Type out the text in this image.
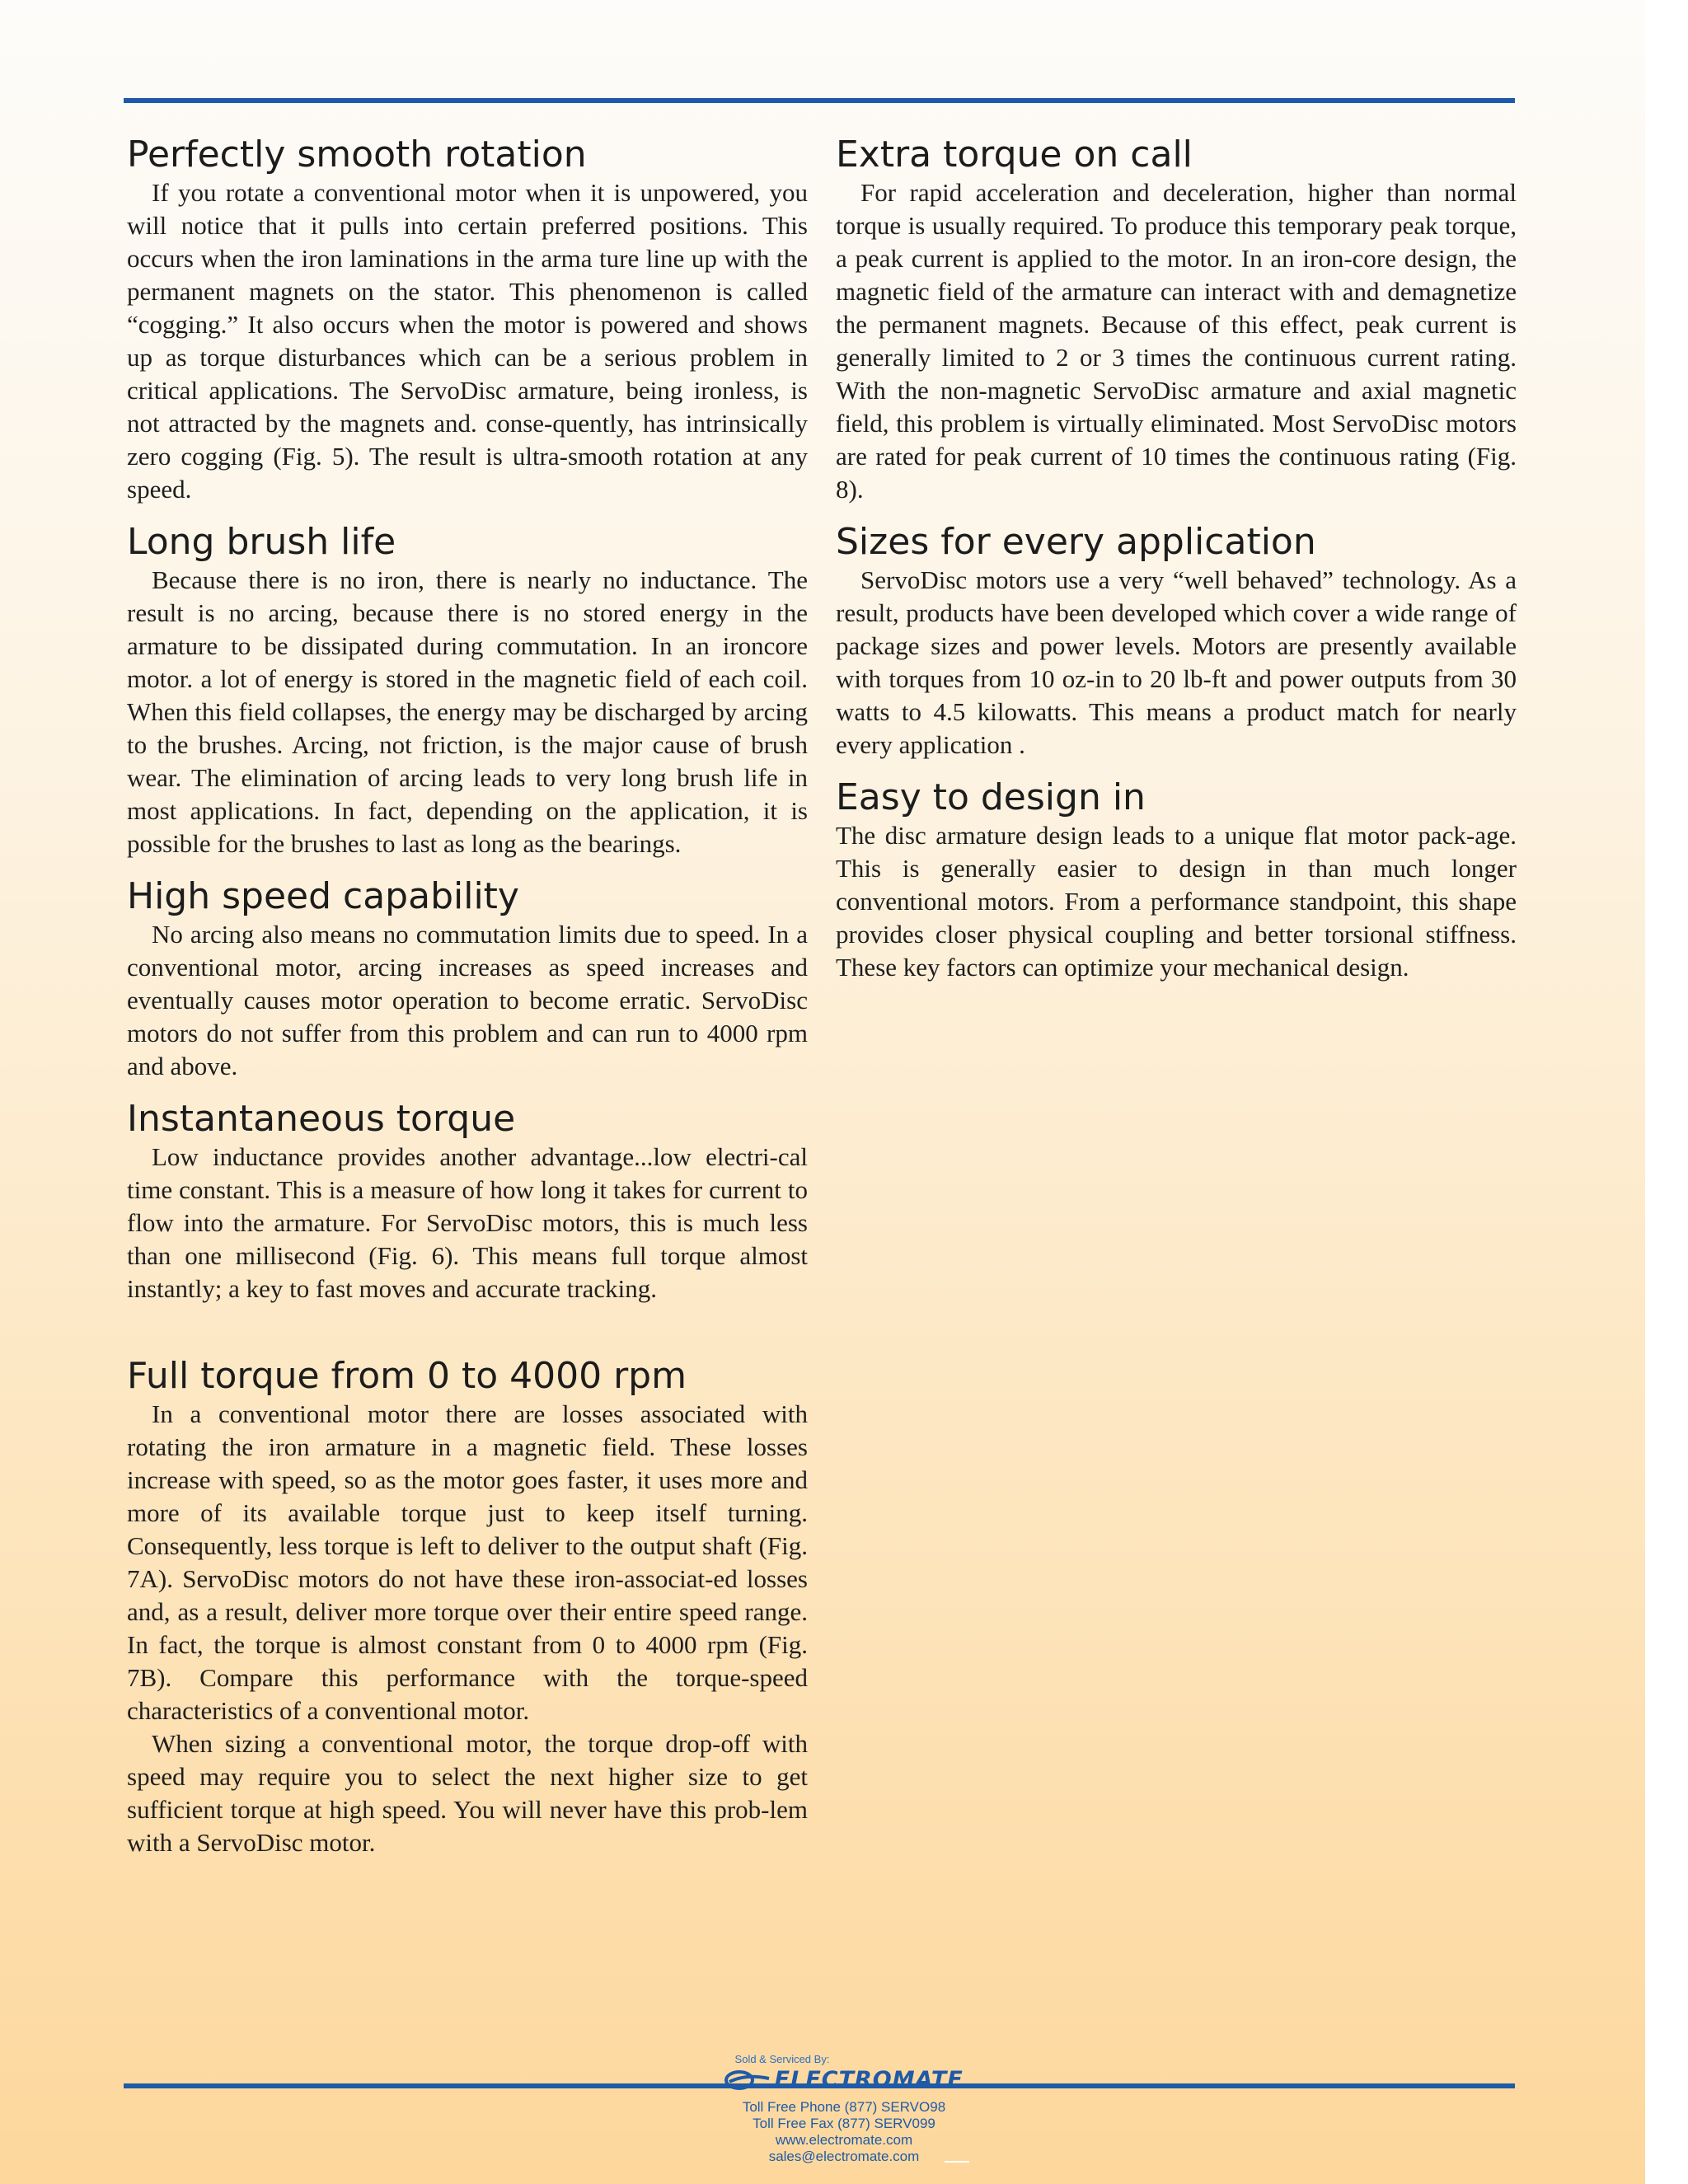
Perfectly smooth rotation

If you rotate a conventional motor when it is unpowered, you will notice that it pulls into certain preferred positions. This occurs when the iron laminations in the arma ture line up with the permanent magnets on the stator. This phenomenon is called “cogging.” It also occurs when the motor is powered and shows up as torque disturbances which can be a serious problem in critical applications. The ServoDisc armature, being ironless, is not attracted by the magnets and. conse-quently, has intrinsically zero cogging (Fig. 5). The result is ultra-smooth rotation at any speed.

Long brush life

Because there is no iron, there is nearly no inductance. The result is no arcing, because there is no stored energy in the armature to be dissipated during commutation. In an ironcore motor. a lot of energy is stored in the magnetic field of each coil. When this field collapses, the energy may be discharged by arcing to the brushes. Arcing, not friction, is the major cause of brush wear. The elimination of arcing leads to very long brush life in most applications. In fact, depending on the application, it is possible for the brushes to last as long as the bearings.

High speed capability

No arcing also means no commutation limits due to speed. In a conventional motor, arcing increases as speed increases and eventually causes motor operation to become erratic. ServoDisc motors do not suffer from this problem and can run to 4000 rpm and above.

Instantaneous torque

Low inductance provides another advantage...low electri-cal time constant. This is a measure of how long it takes for current to flow into the armature. For ServoDisc motors, this is much less than one millisecond (Fig. 6). This means full torque almost instantly; a key to fast moves and accurate tracking.

Full torque from 0 to 4000 rpm

In a conventional motor there are losses associated with rotating the iron armature in a magnetic field. These losses increase with speed, so as the motor goes faster, it uses more and more of its available torque just to keep itself turning. Consequently, less torque is left to deliver to the output shaft (Fig. 7A). ServoDisc motors do not have these iron-associat-ed losses and, as a result, deliver more torque over their entire speed range. In fact, the torque is almost constant from 0 to 4000 rpm (Fig. 7B). Compare this performance with the torque-speed characteristics of a conventional motor.

When sizing a conventional motor, the torque drop-off with speed may require you to select the next higher size to get sufficient torque at high speed. You will never have this prob-lem with a ServoDisc motor.

Extra torque on call

For rapid acceleration and deceleration, higher than normal torque is usually required. To produce this temporary peak torque, a peak current is applied to the motor. In an iron-core design, the magnetic field of the armature can interact with and demagnetize the permanent magnets. Because of this effect, peak current is generally limited to 2 or 3 times the continuous current rating. With the non-magnetic ServoDisc armature and axial magnetic field, this problem is virtually eliminated. Most ServoDisc motors are rated for peak current of 10 times the continuous rating (Fig. 8).

Sizes for every application

ServoDisc motors use a very “well behaved” technology. As a result, products have been developed which cover a wide range of package sizes and power levels. Motors are presently available with torques from 10 oz-in to 20 lb-ft and power outputs from 30 watts to 4.5 kilowatts. This means a product match for nearly every application .

Easy to design in

The disc armature design leads to a unique flat motor pack-age. This is generally easier to design in than much longer conventional motors. From a performance standpoint, this shape provides closer physical coupling and better torsional stiffness. These key factors can optimize your mechanical design.

Sold & Serviced By:
ELECTROMATE
Toll Free Phone (877) SERVO98
Toll Free Fax (877) SERV099
www.electromate.com
sales@electromate.com
